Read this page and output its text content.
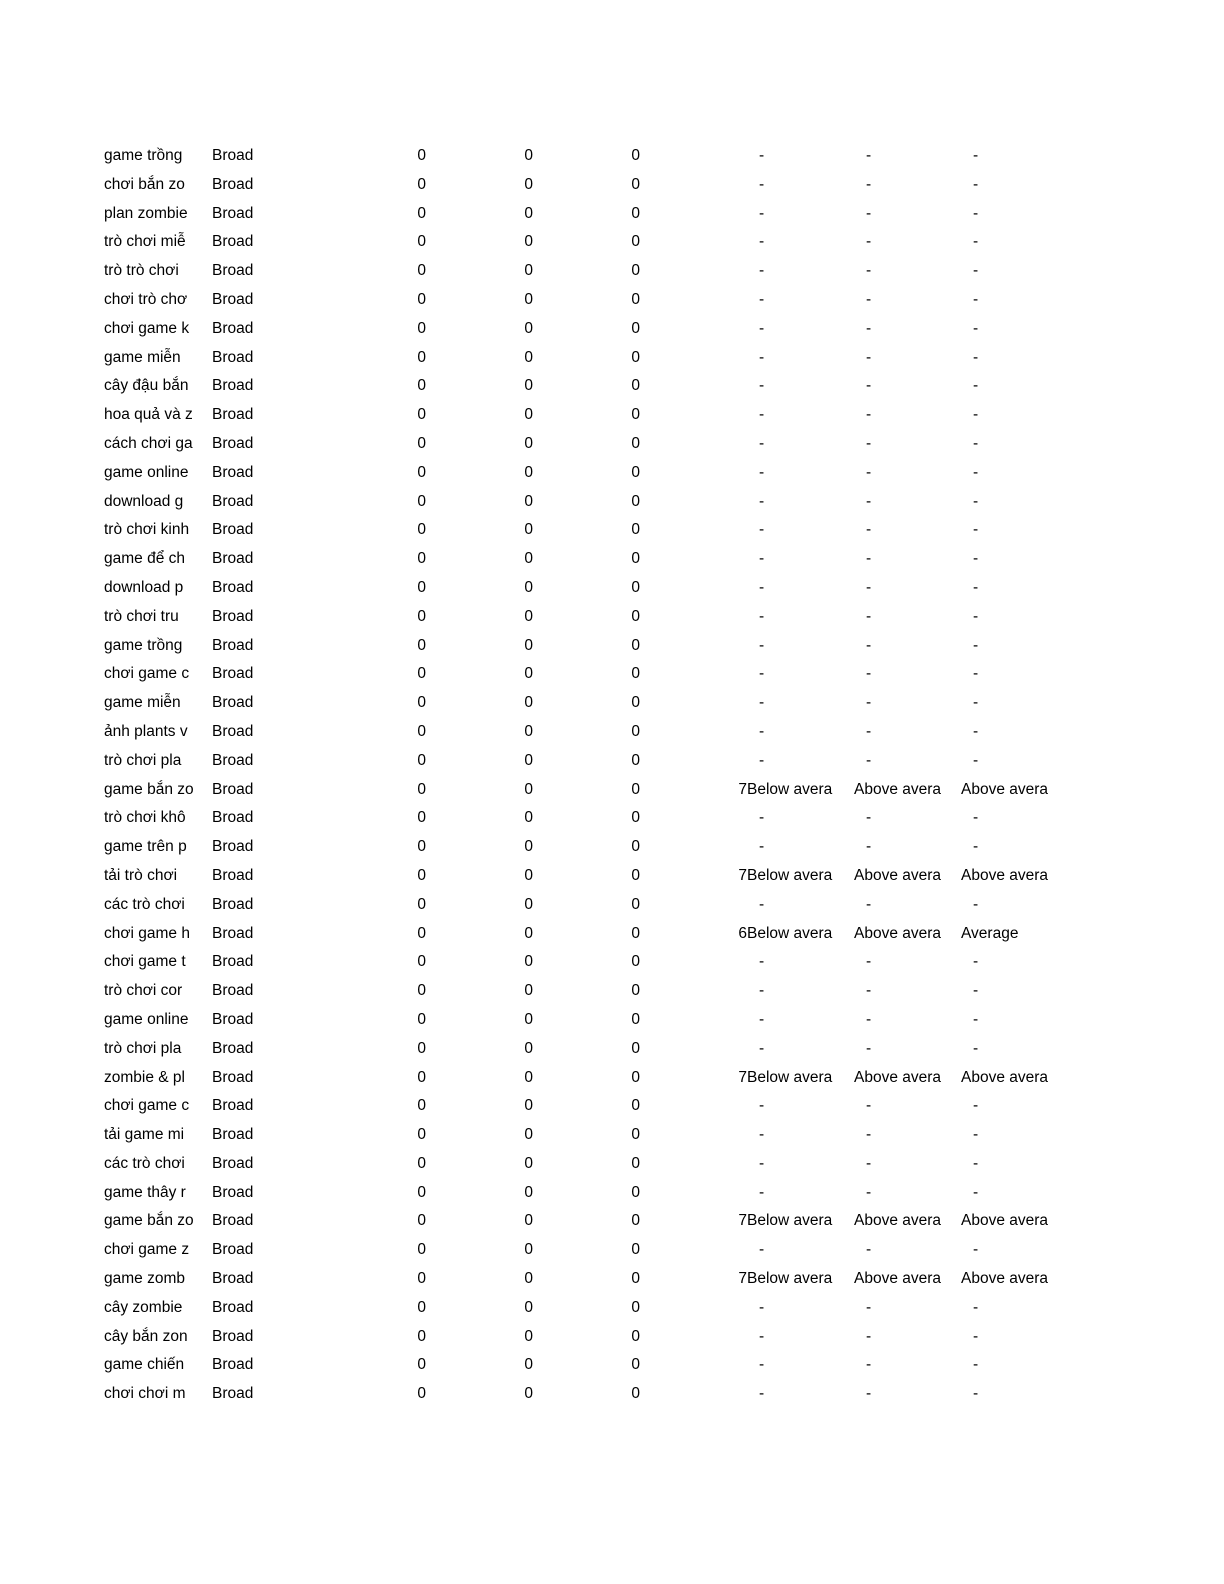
game trồng	Broad	0	0	0		-	-	-
chơi bắn zo	Broad	0	0	0		-	-	-
plan zombie	Broad	0	0	0		-	-	-
trò chơi miễ	Broad	0	0	0		-	-	-
trò trò chơi	Broad	0	0	0		-	-	-
chơi trò chơ	Broad	0	0	0		-	-	-
chơi game k	Broad	0	0	0		-	-	-
game miễn	Broad	0	0	0		-	-	-
cây đậu bắn	Broad	0	0	0		-	-	-
hoa quả và z	Broad	0	0	0		-	-	-
cách chơi ga	Broad	0	0	0		-	-	-
game online	Broad	0	0	0		-	-	-
download g	Broad	0	0	0		-	-	-
trò chơi kinh	Broad	0	0	0		-	-	-
game để ch	Broad	0	0	0		-	-	-
download p	Broad	0	0	0		-	-	-
trò chơi tru	Broad	0	0	0		-	-	-
game trồng	Broad	0	0	0		-	-	-
chơi game c	Broad	0	0	0		-	-	-
game miễn	Broad	0	0	0		-	-	-
ảnh plants v	Broad	0	0	0		-	-	-
trò chơi pla	Broad	0	0	0		-	-	-
game bắn zo	Broad	0	0	0	7	Below avera	Above avera	Above avera
trò chơi khô	Broad	0	0	0		-	-	-
game trên p	Broad	0	0	0		-	-	-
tải trò chơi	Broad	0	0	0	7	Below avera	Above avera	Above avera
các trò chơi	Broad	0	0	0		-	-	-
chơi game h	Broad	0	0	0	6	Below avera	Above avera	Average
chơi game t	Broad	0	0	0		-	-	-
trò chơi cor	Broad	0	0	0		-	-	-
game online	Broad	0	0	0		-	-	-
trò chơi pla	Broad	0	0	0		-	-	-
zombie & pl	Broad	0	0	0	7	Below avera	Above avera	Above avera
chơi game c	Broad	0	0	0		-	-	-
tải game mi	Broad	0	0	0		-	-	-
các trò chơi	Broad	0	0	0		-	-	-
game thây r	Broad	0	0	0		-	-	-
game bắn zo	Broad	0	0	0	7	Below avera	Above avera	Above avera
chơi game z	Broad	0	0	0		-	-	-
game zomb	Broad	0	0	0	7	Below avera	Above avera	Above avera
cây zombie	Broad	0	0	0		-	-	-
cây bắn zon	Broad	0	0	0		-	-	-
game chiến	Broad	0	0	0		-	-	-
chơi chơi m	Broad	0	0	0		-	-	-
